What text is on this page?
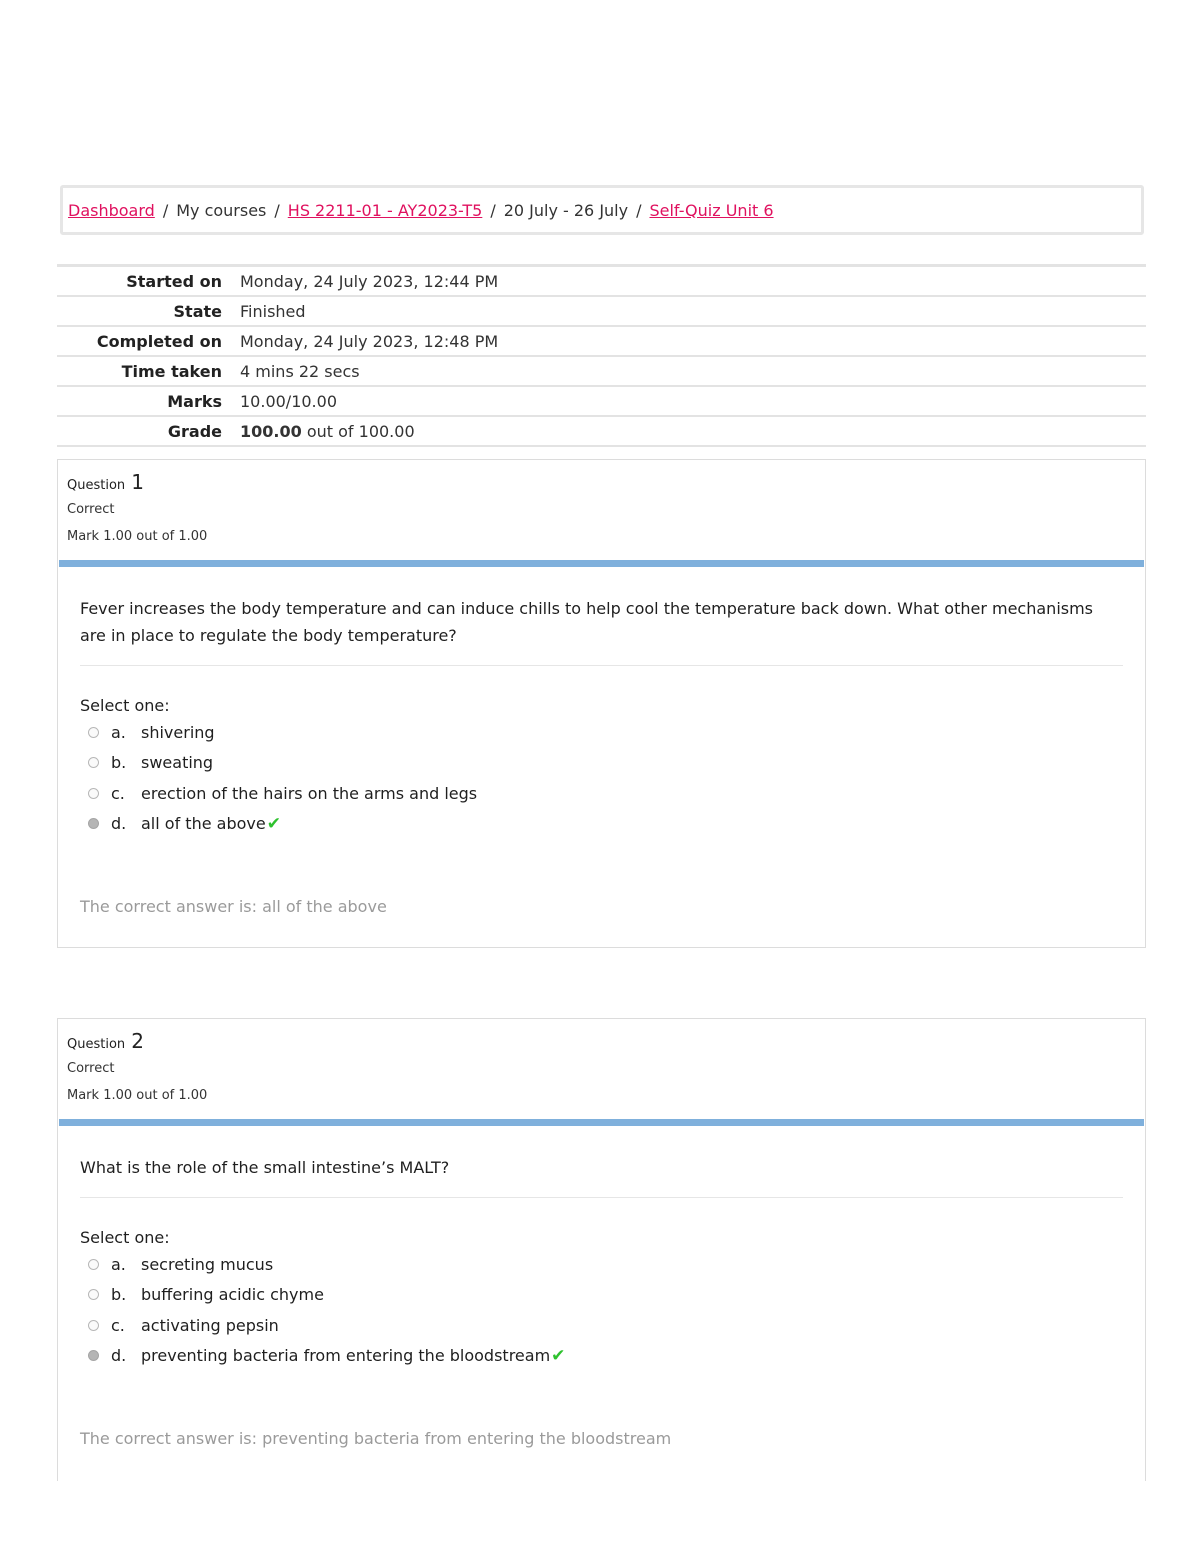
Dashboard / My courses / HS 2211-01 - AY2023-T5 / 20 July - 26 July / Self-Quiz Unit 6
Started on	Monday, 24 July 2023, 12:44 PM
State	Finished
Completed on	Monday, 24 July 2023, 12:48 PM
Time taken	4 mins 22 secs
Marks	10.00/10.00
Grade	100.00 out of 100.00
Question 1
Correct
Mark 1.00 out of 1.00
Fever increases the body temperature and can induce chills to help cool the temperature back down. What other mechanisms are in place to regulate the body temperature?
Select one:
a. shivering
b. sweating
c.	erection of the hairs on the arms and legs
d. all of the above ✔
The correct answer is: all of the above
Question 2
Correct
Mark 1.00 out of 1.00
What is the role of the small intestine’s MALT?
Select one:
a. secreting mucus
b. buffering acidic chyme
c.	activating pepsin
d. preventing bacteria from entering the bloodstream ✔
The correct answer is: preventing bacteria from entering the bloodstream
